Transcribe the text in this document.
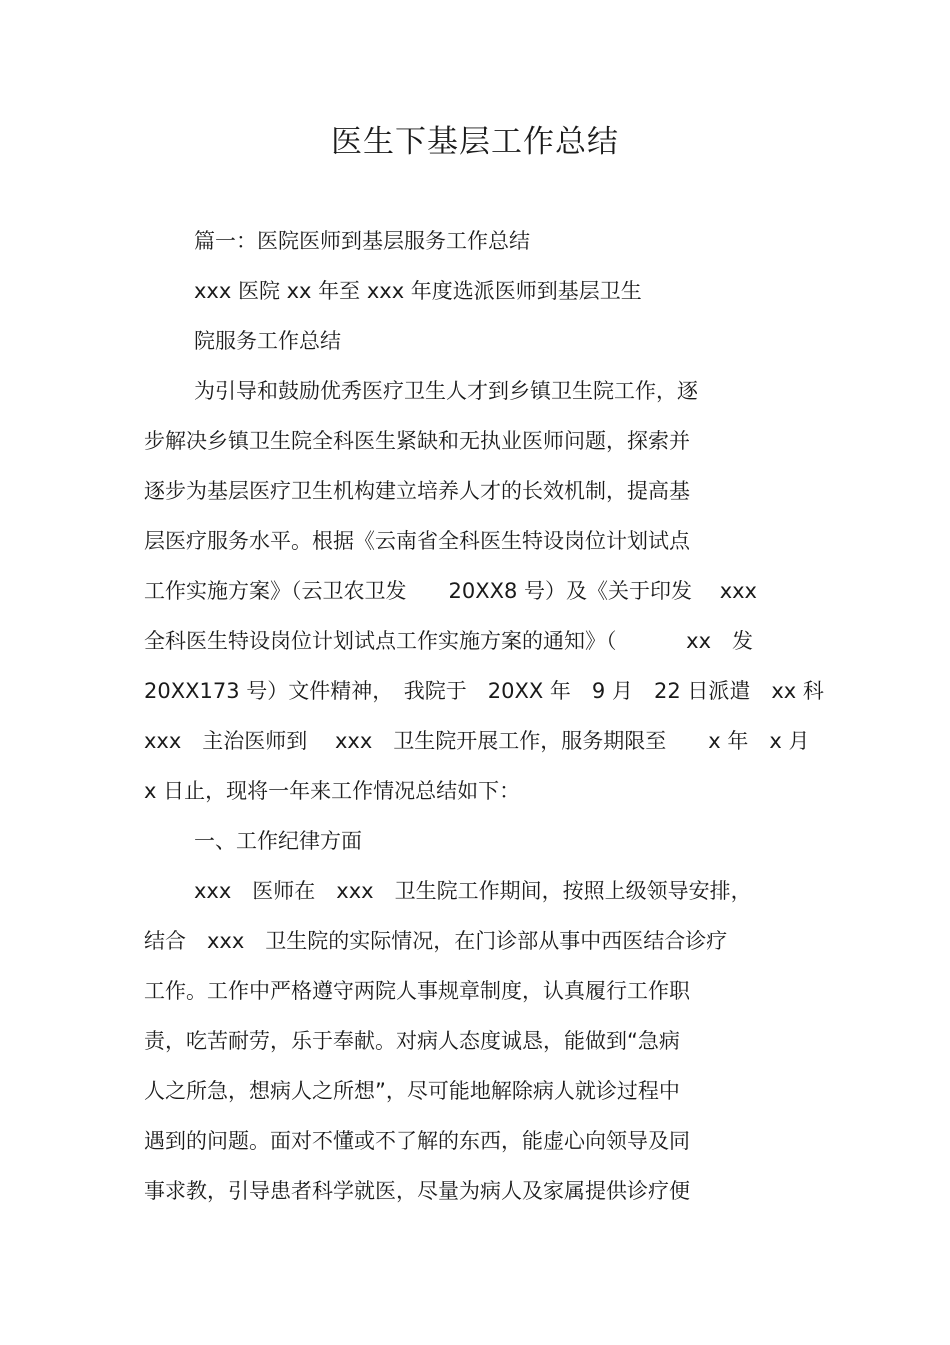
医生下基层工作总结
篇一：医院医师到基层服务工作总结
xxx 医院 xx 年至 xxx 年度选派医师到基层卫生
院服务工作总结
为引导和鼓励优秀医疗卫生人才到乡镇卫生院工作，逐
步解决乡镇卫生院全科医生紧缺和无执业医师问题，探索并
逐步为基层医疗卫生机构建立培养人才的长效机制，提高基
层医疗服务水平。根据《云南省全科医生特设岗位计划试点
工作实施方案》（云卫农卫发　　20XX8 号）及《关于印发　 xxx
全科医生特设岗位计划试点工作实施方案的通知》（　　　 xx　发
20XX173 号）文件精神，　我院于　20XX 年　9 月　22 日派遣　xx 科
xxx　主治医师到　 xxx　卫生院开展工作，服务期限至　　x 年　x 月
x 日止，现将一年来工作情况总结如下：
一、工作纪律方面
xxx　医师在　xxx　卫生院工作期间，按照上级领导安排，
结合　xxx　卫生院的实际情况，在门诊部从事中西医结合诊疗
工作。工作中严格遵守两院人事规章制度，认真履行工作职
责，吃苦耐劳，乐于奉献。对病人态度诚恳，能做到“急病
人之所急，想病人之所想”，尽可能地解除病人就诊过程中
遇到的问题。面对不懂或不了解的东西，能虚心向领导及同
事求教，引导患者科学就医，尽量为病人及家属提供诊疗便
